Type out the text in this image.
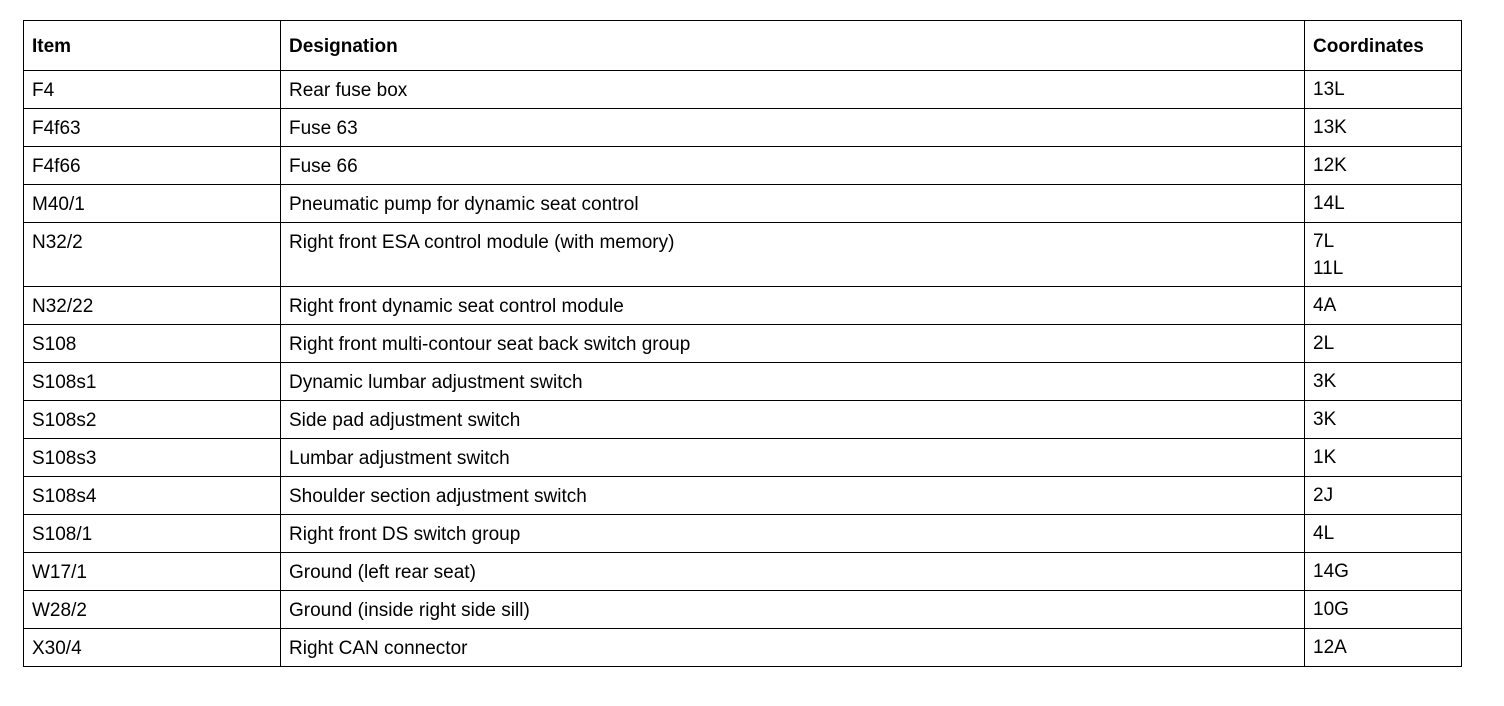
Item	Designation	Coordinates
F4	Rear fuse box	13L

F4f63	Fuse 63	13K

F4f66	Fuse 66	12K

M40/1	Pneumatic pump for dynamic seat control	14L

N32/2	Right front ESA control module (with memory)	7L
11L

N32/22	Right front dynamic seat control module	4A

S108	Right front multi-contour seat back switch group	2L

S108s1	Dynamic lumbar adjustment switch	3K

S108s2	Side pad adjustment switch	3K

S108s3	Lumbar adjustment switch	1K

S108s4	Shoulder section adjustment switch	2J

S108/1	Right front DS switch group	4L

W17/1	Ground (left rear seat)	14G

W28/2	Ground (inside right side sill)	10G

X30/4	Right CAN connector	12A
